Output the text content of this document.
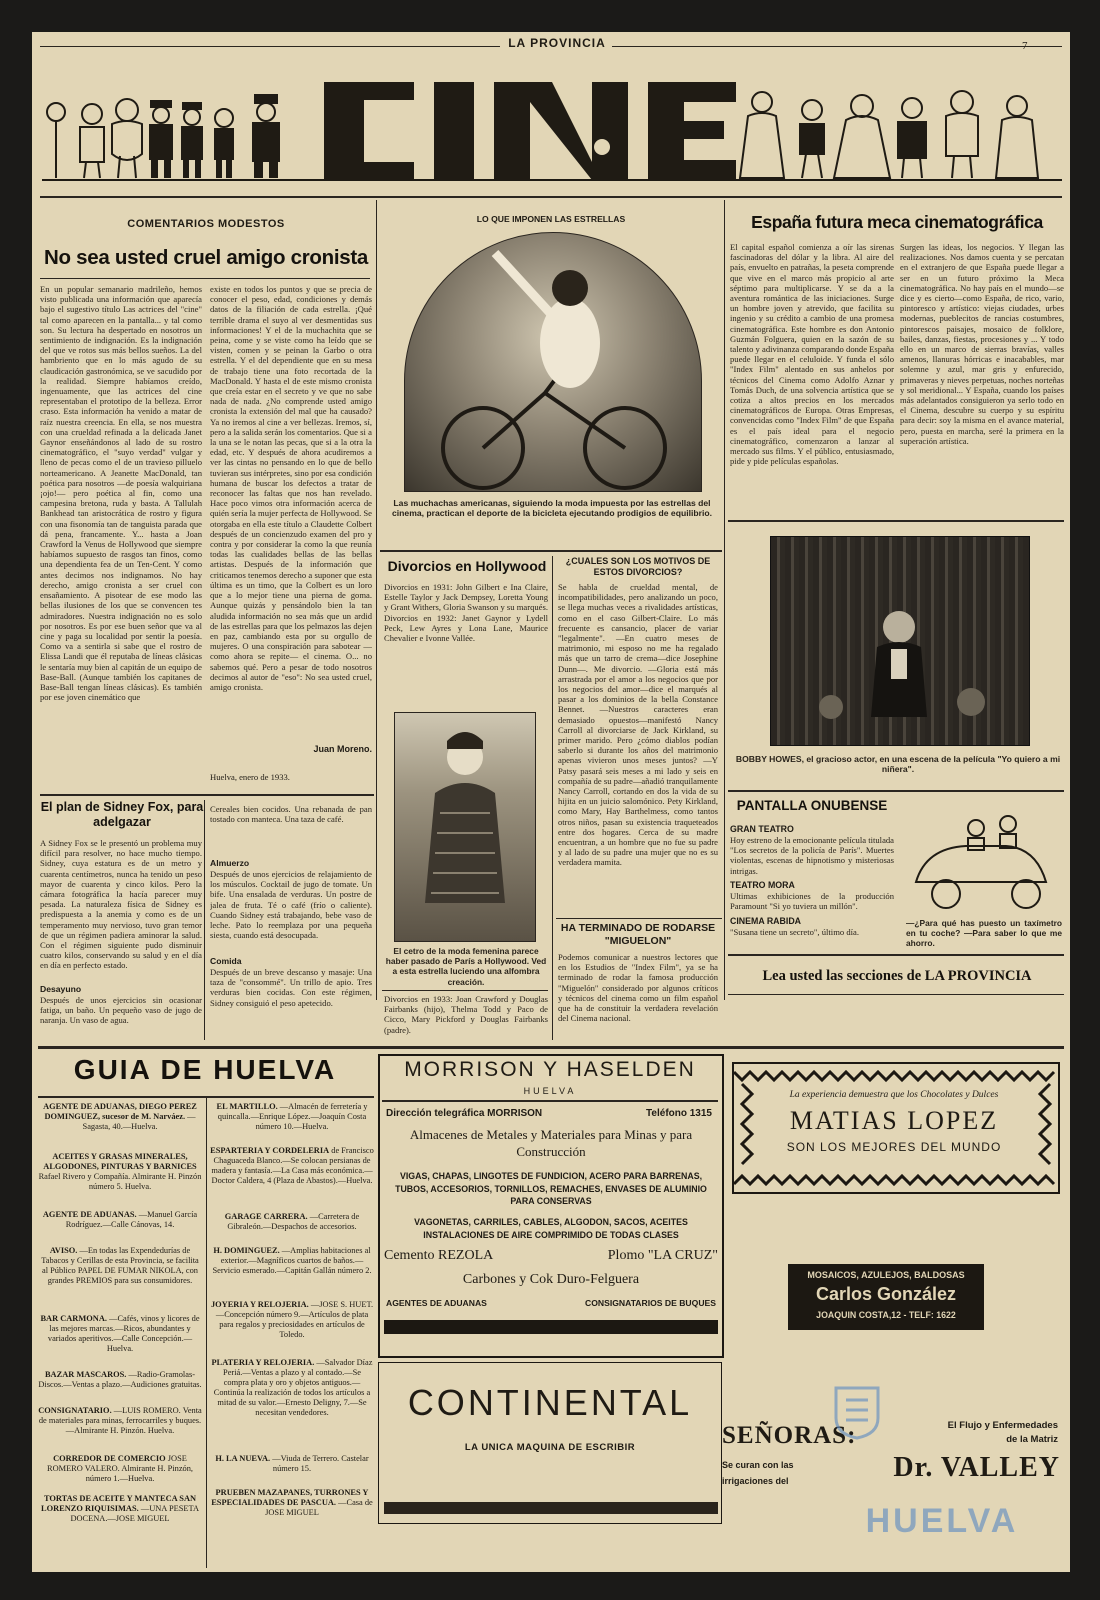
LA PROVINCIA	7
COMENTARIOS MODESTOS
No sea usted cruel amigo cronista
En un popular semanario madrileño, hemos visto publicada una información que aparecía bajo el sugestivo título Las actrices del "cine" tal como aparecen en la pantalla... y tal como son. Su lectura ha despertado en nosotros un sentimiento de indignación. Es la indignación del que ve rotos sus más bellos sueños. La del hambriento que en lo más agudo de su claudicación gastronómica, se ve sacudido por la realidad. Siempre habíamos creído, ingenuamente, que las actrices del cine representaban el prototipo de la belleza. Error craso. Esta información ha venido a matar de raíz nuestra creencia. En ella, se nos muestra con una crueldad refinada a la delicada Janet Gaynor enseñándonos al lado de su rostro cinematográfico, el "suyo verdad" vulgar y lleno de pecas como el de un travieso pilluelo norteamericano. A Jeanette MacDonald, tan poética para nosotros —de poesía walquiriana ¡ojo!— pero poética al fin, como una campesina bretona, ruda y basta. A Tallulah Bankhead tan aristocrática de rostro y figura con una fisonomía tan de tanguista parada que dá pena, francamente. Y... hasta a Joan Crawford la Venus de Hollywood que siempre habíamos supuesto de rasgos tan finos, como una dependienta fea de un Ten-Cent. Y como antes decimos nos indignamos. No hay derecho, amigo cronista a ser cruel con ensañamiento. A pisotear de ese modo las bellas ilusiones de los que se convencen tes admiradores. Nuestra indignación no es solo por nosotros. Es por ese buen señor que va al cine y paga su localidad por sentir la poesía. Como va a sentirla si sabe que el rostro de Elissa Landi que él reputaba de líneas clásicas le sentaría muy bien al capitán de un equipo de Base-Ball. (Aunque también los capitanes de Base-Ball tengan líneas clásicas). Es también por ese joven cinemático que
existe en todos los puntos y que se precia de conocer el peso, edad, condiciones y demás datos de la filiación de cada estrella. ¡Qué terrible drama el suyo al ver desmentidas sus informaciones! Y el de la muchachita que se peina, come y se viste como ha leído que se visten, comen y se peinan la Garbo o otra estrella. Y el del dependiente que en su mesa de trabajo tiene una foto recortada de la MacDonald. Y hasta el de este mismo cronista que creía estar en el secreto y ve que no sabe nada de nada. ¿No comprende usted amigo cronista la extensión del mal que ha causado? Ya no iremos al cine a ver bellezas. Iremos, sí, pero a la salida serán los comentarios. Que si a la una se le notan las pecas, que si a la otra la edad, etc. Y después de ahora acudiremos a ver las cintas no pensando en lo que de bello tuvieran sus intérpretes, sino por esa condición humana de buscar los defectos a tratar de reconocer las faltas que nos han revelado. Hace poco vimos otra información acerca de quién sería la mujer perfecta de Hollywood. Se otorgaba en ella este título a Claudette Colbert después de un concienzudo examen del pro y contra y por considerar la como la que reunía todas las cualidades bellas de las bellas artistas. Después de la información que criticamos tenemos derecho a suponer que esta última es un timo, que la Colbert es un loro que a lo mejor tiene una pierna de goma. Aunque quizás y pensándolo bien la tan aludida información no sea más que un ardid de las estrellas para que los pelmazos las dejen en paz, cambiando esta por su orgullo de mujeres. O una conspiración para sabotear —como ahora se repite— el cinema. O... no sabemos qué. Pero a pesar de todo nosotros decimos al autor de "eso": No sea usted cruel, amigo cronista.
Juan Moreno.
Huelva, enero de 1933.
El plan de Sidney Fox, para adelgazar
A Sidney Fox se le presentó un problema muy difícil para resolver, no hace mucho tiempo. Sidney, cuya estatura es de un metro y cuarenta centímetros, nunca ha tenido un peso mayor de cuarenta y cinco kilos. Pero la cámara fotográfica la hacía parecer muy pesada. La naturaleza física de Sidney es predispuesta a la anemia y como es de un temperamento muy nervioso, tuvo gran temor de que un régimen padiera aminorar la salud. Con el régimen siguiente pudo disminuir cuatro kilos, conservando su salud y en el día en día en perfecto estado.
Desayuno
Después de unos ejercicios sin ocasionar fatiga, un baño. Un pequeño vaso de jugo de naranja. Un vaso de agua.
Cereales bien cocidos. Una rebanada de pan tostado con manteca. Una taza de café.
Almuerzo
Después de unos ejercicios de relajamiento de los músculos. Cocktail de jugo de tomate. Un bife. Una ensalada de verduras. Un postre de jalea de fruta. Té o café (frío o caliente). Cuando Sidney está trabajando, bebe vaso de leche. Pato lo reemplaza por una pequeña siesta, cuando está desocupada.
Comida
Después de un breve descanso y masaje: Una taza de "consommé". Un trillo de apio. Tres verduras bien cocidas. Con este régimen, Sidney consiguió el peso apetecido.
LO QUE IMPONEN LAS ESTRELLAS
Las muchachas americanas, siguiendo la moda impuesta por las estrellas del cinema, practican el deporte de la bicicleta ejecutando prodigios de equilibrio.
Divorcios en Hollywood
Divorcios en 1931: John Gilbert e Ina Claire, Estelle Taylor y Jack Dempsey, Loretta Young y Grant Withers, Gloria Swanson y su marqués. Divorcios en 1932: Janet Gaynor y Lydell Peck, Lew Ayres y Lona Lane, Maurice Chevalier e Ivonne Vallée.
El cetro de la moda femenina parece haber pasado de París a Hollywood. Ved a esta estrella luciendo una alfombra creación.
Divorcios en 1933: Joan Crawford y Douglas Fairbanks (hijo), Thelma Todd y Paco de Cicco, Mary Pickford y Douglas Fairbanks (padre).
¿CUALES SON LOS MOTIVOS DE ESTOS DIVORCIOS?
Se habla de crueldad mental, de incompatibilidades, pero analizando un poco, se llega muchas veces a rivalidades artísticas, como en el caso Gilbert-Claire. Lo más frecuente es cansancio, placer de variar "legalmente". —En cuatro meses de matrimonio, mi esposo no me ha regalado más que un tarro de crema—dice Josephine Dunn—. Me divorcio. —Gloria está más arrastrada por el amor a los negocios que por los negocios del amor—dice el marqués al pasar a los dominios de la bella Constance Bennet. —Nuestros caracteres eran demasiado opuestos—manifestó Nancy Carroll al divorciarse de Jack Kirkland, su primer marido. Pero ¿cómo diablos podían saberlo si durante los años del matrimonio apenas vivieron unos meses juntos? —Y Patsy pasará seis meses a mi lado y seis en compañía de su padre—añadió tranquilamente Nancy Carroll, cortando en dos la vida de su hijita en un juicio salomónico. Pety Kirkland, como Mary, Hay Barthelmess, como tantos otros niños, pasan su existencia traqueteados entre dos hogares. Cerca de su madre encuentran, a un hombre que no fue su padre y al lado de su padre una mujer que no es su verdadera mamita.
HA TERMINADO DE RODARSE "MIGUELON"
Podemos comunicar a nuestros lectores que en los Estudios de "Index Film", ya se ha terminado de rodar la famosa producción "Miguelón" considerado por algunos críticos y técnicos del cinema como un film español que ha de constituir la verdadera revelación del Cinema nacional.
España futura meca cinematográfica
El capital español comienza a oír las sirenas fascinadoras del dólar y la libra. Al aire del país, envuelto en patrañas, la peseta comprende que vive en el marco más propicio al arte séptimo para multiplicarse. Y se da a la aventura romántica de las iniciaciones. Surge un hombre joven y atrevido, que facilita su ingenio y su crédito a cambio de una promesa cinematográfica. Este hombre es don Antonio Guzmán Folguera, quien en la sazón de su talento y adivinanza comparando donde España puede llegar en el celuloide. Y funda el sólo "Index Film" alentado en sus anhelos por técnicos del Cinema como Adolfo Aznar y Tomás Duch, de una solvencia artística que se cotiza a altos precios en los mercados cinematográficos de Europa. Otras Empresas, convencidas como "Index Film" de que España es el país ideal para el negocio cinematográfico, comenzaron a lanzar al mercado sus films. Y el público, entusiasmado, pide y pide películas españolas.
Surgen las ideas, los negocios. Y llegan las realizaciones. Nos damos cuenta y se percatan en el extranjero de que España puede llegar a ser en un futuro próximo la Meca cinematográfica. No hay país en el mundo—se dice y es cierto—como España, de rico, vario, pintoresco y artístico: viejas ciudades, urbes modernas, pueblecitos de rancias costumbres, pintorescos paisajes, mosaico de folklore, bailes, danzas, fiestas, procesiones y ... Y todo ello en un marco de sierras bravías, valles amenos, llanuras hórricas e inacabables, mar solemne y azul, mar gris y enfurecido, primaveras y nieves perpetuas, noches norteñas y sol meridional... Y España, cuando los países más adelantados consiguieron ya serlo todo en el Cinema, descubre su cuerpo y su espíritu para decir: soy la misma en el avance material, pero, puesta en marcha, seré la primera en la superación artística.
BOBBY HOWES, el gracioso actor, en una escena de la película "Yo quiero a mi niñera".
PANTALLA ONUBENSE
GRAN TEATRO
Hoy estreno de la emocionante película titulada "Los secretos de la policía de París". Muertes violentas, escenas de hipnotismo y misteriosas intrigas.
TEATRO MORA
Ultimas exhibiciones de la producción Paramount "Si yo tuviera un millón".
CINEMA RABIDA
"Susana tiene un secreto", último día.
—¿Para qué has puesto un taxímetro en tu coche? —Para saber lo que me ahorro.
Lea usted las secciones de LA PROVINCIA
GUIA DE HUELVA
AGENTE DE ADUANAS, DIEGO PEREZ DOMINGUEZ, sucesor de M. Narváez. —Sagasta, 40.—Huelva.
ACEITES Y GRASAS MINERALES, ALGODONES, PINTURAS Y BARNICES Rafael Rivero y Compañía. Almirante H. Pinzón número 5. Huelva.
AGENTE DE ADUANAS. —Manuel García Rodríguez.—Calle Cánovas, 14.
AVISO. —En todas las Expendedurías de Tabacos y Cerillas de esta Provincia, se facilita al Público PAPEL DE FUMAR NIKOLA, con grandes PREMIOS para sus consumidores.
BAR CARMONA. —Cafés, vinos y licores de las mejores marcas.—Ricos, abundantes y variados aperitivos.—Calle Concepción.—Huelva.
BAZAR MASCAROS. —Radio-Gramolas-Discos.—Ventas a plazo.—Audiciones gratuitas.
CONSIGNATARIO. —LUIS ROMERO. Venta de materiales para minas, ferrocarriles y buques.—Almirante H. Pinzón. Huelva.
CORREDOR DE COMERCIO JOSE ROMERO VALERO. Almirante H. Pinzón, número 1.—Huelva.
TORTAS DE ACEITE Y MANTECA SAN LORENZO RIQUISIMAS. —UNA PESETA DOCENA.—JOSE MIGUEL
EL MARTILLO. —Almacén de ferretería y quincalla.—Enrique López.—Joaquín Costa número 10.—Huelva.
ESPARTERIA Y CORDELERIA de Francisco Chaguaceda Blanco.—Se colocan persianas de madera y fantasía.—La Casa más económica.—Doctor Caldera, 4 (Plaza de Abastos).—Huelva.
GARAGE CARRERA. —Carretera de Gibraleón.—Despachos de accesorios.
H. DOMINGUEZ. —Amplias habitaciones al exterior.—Magníficos cuartos de baños.—Servicio esmerado.—Capitán Gallán número 2.
JOYERIA Y RELOJERIA. —JOSE S. HUET.—Concepción número 9.—Artículos de plata para regalos y preciosidades en artículos de Toledo.
PLATERIA Y RELOJERIA. —Salvador Díaz Periá.—Ventas a plazo y al contado.—Se compra plata y oro y objetos antiguos.—Continúa la realización de todos los artículos a mitad de su valor.—Ernesto Deligny, 7.—Se necesitan vendedores.
H. LA NUEVA. —Viuda de Terrero. Castelar número 15.
PRUEBEN MAZAPANES, TURRONES Y ESPECIALIDADES DE PASCUA. —Casa de JOSE MIGUEL
MORRISON Y HASELDEN
HUELVA
Dirección telegráfica MORRISON	Teléfono 1315
Almacenes de Metales y Materiales para Minas y para Construcción
VIGAS, CHAPAS, LINGOTES DE FUNDICION, ACERO PARA BARRENAS, TUBOS, ACCESORIOS, TORNILLOS, REMACHES, ENVASES DE ALUMINIO PARA CONSERVAS
VAGONETAS, CARRILES, CABLES, ALGODON, SACOS, ACEITES INSTALACIONES DE AIRE COMPRIMIDO DE TODAS CLASES
Cemento REZOLA	Plomo "LA CRUZ"
Carbones y Cok Duro-Felguera
AGENTES DE ADUANAS	CONSIGNATARIOS DE BUQUES
CONTINENTAL
LA UNICA MAQUINA DE ESCRIBIR
La experiencia demuestra que los Chocolates y Dulces
MATIAS LOPEZ
SON LOS MEJORES DEL MUNDO
MOSAICOS, AZULEJOS, BALDOSAS
Carlos González
JOAQUIN COSTA,12 - TELF: 1622
SEÑORAS:	El Flujo y Enfermedades
de la Matriz
Se curan con las
irrigaciones del	Dr. VALLEY
HUELVA
